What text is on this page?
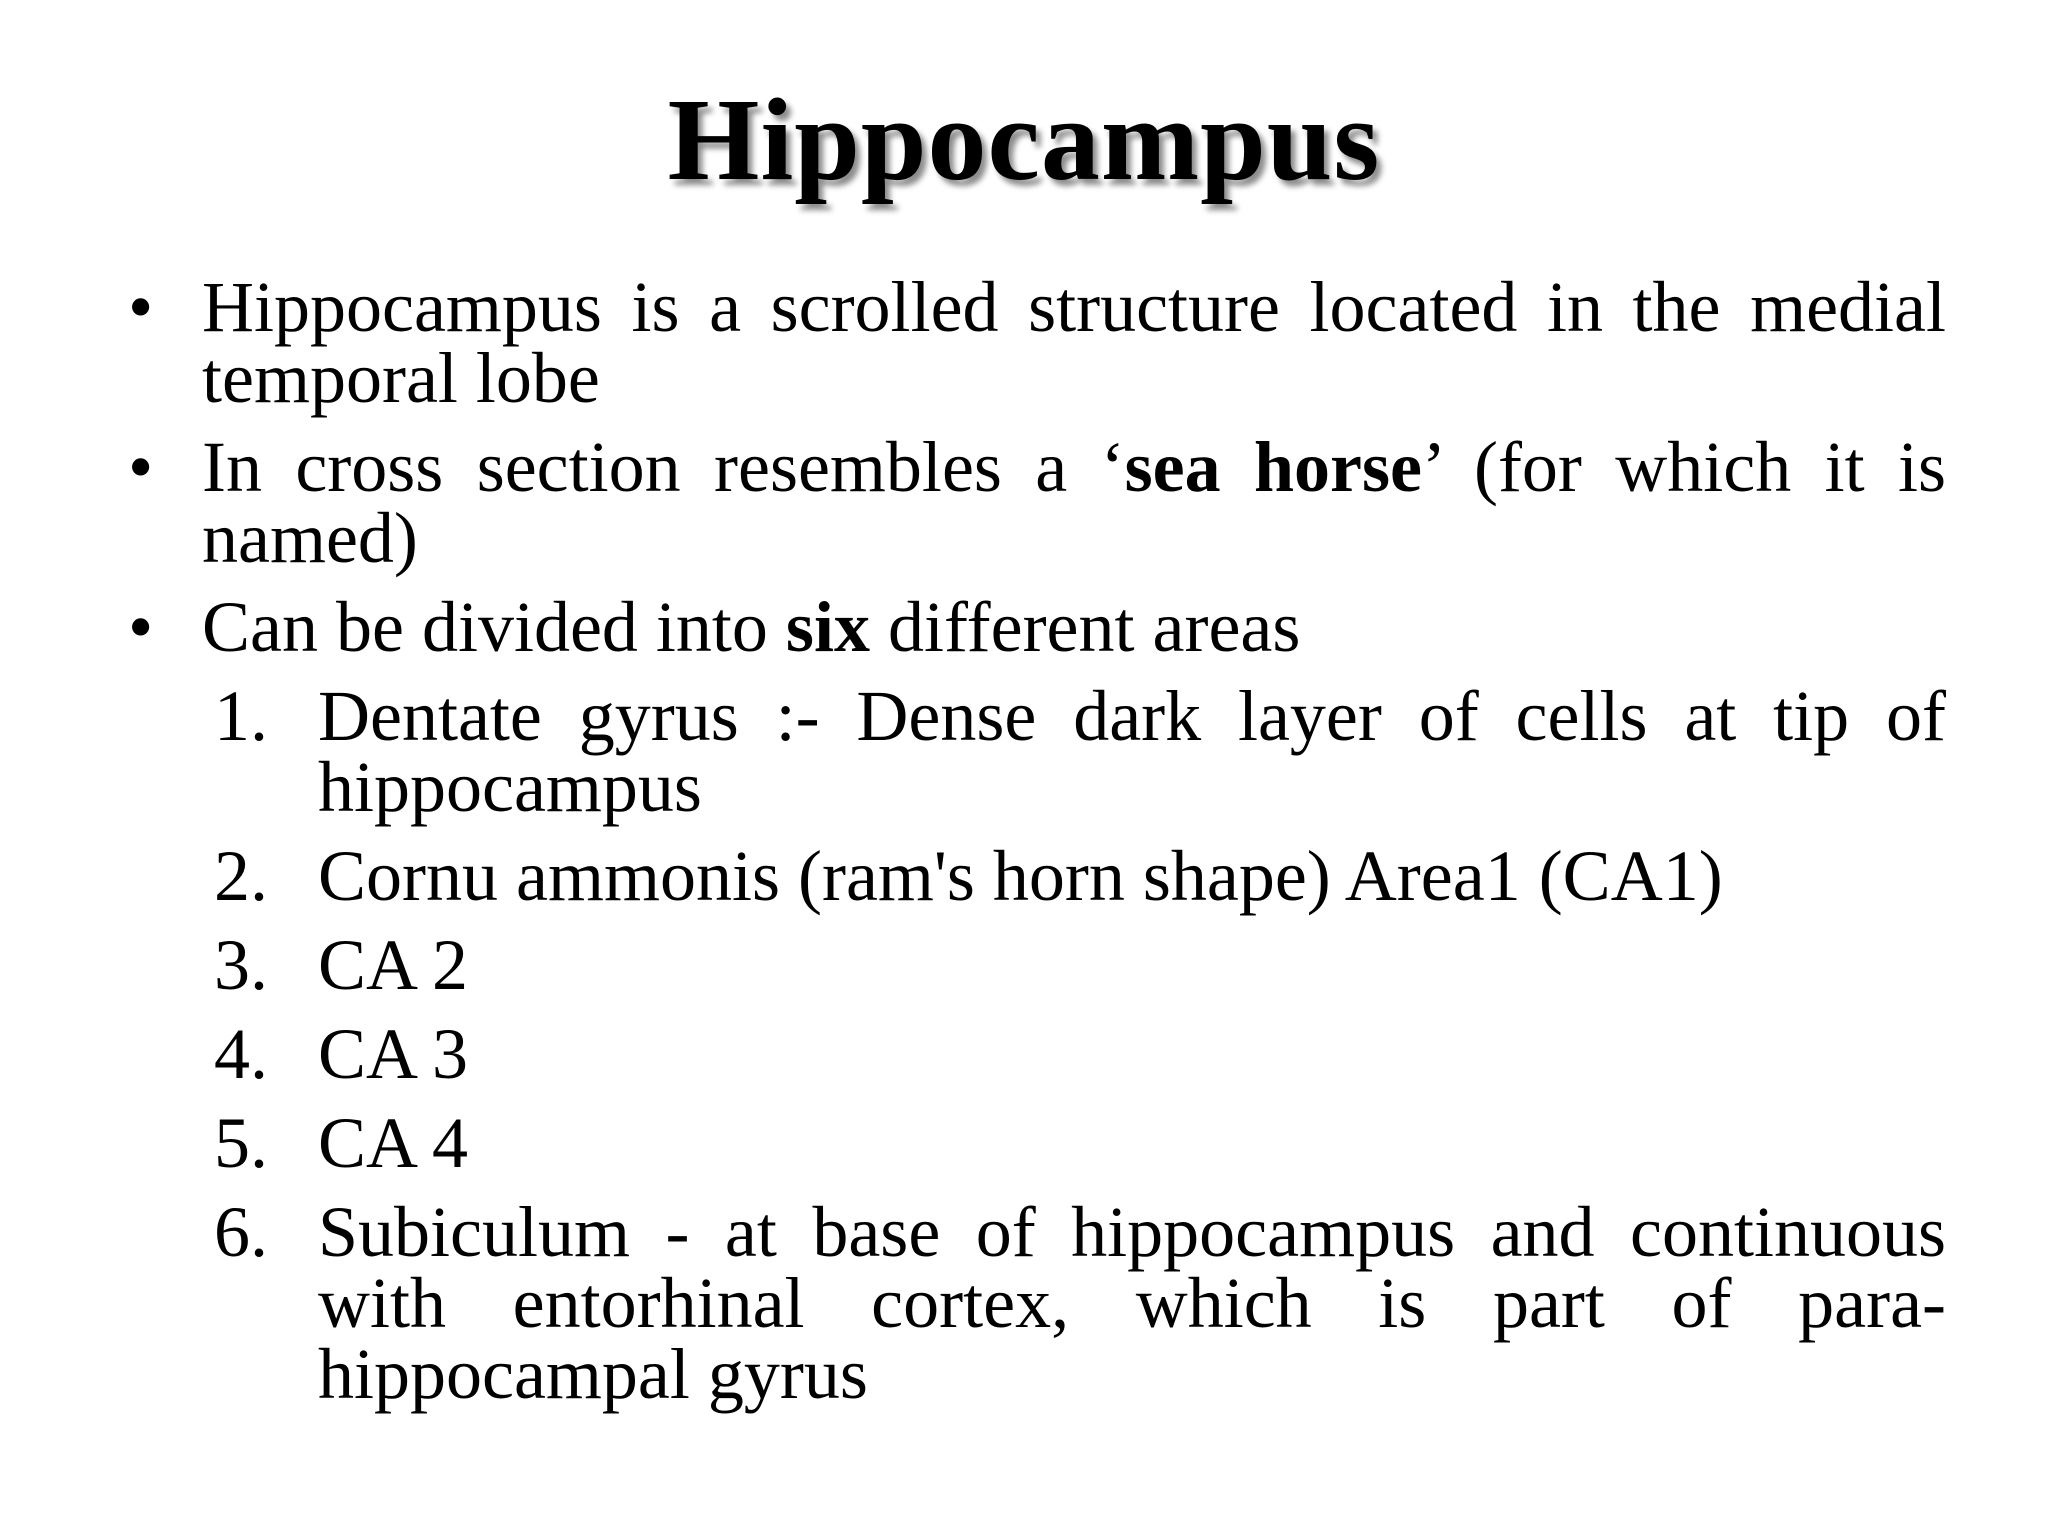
Hippocampus
• Hippocampus is a scrolled structure located in the medial temporal lobe
• In cross section resembles a ‘sea horse’ (for which it is named)
• Can be divided into six different areas
1. Dentate gyrus :- Dense dark layer of cells at tip of hippocampus
2. Cornu ammonis (ram's horn shape) Area1 (CA1)
3. CA 2
4. CA 3
5. CA 4
6. Subiculum - at base of hippocampus and continuous with entorhinal cortex, which is part of para-hippocampal gyrus
